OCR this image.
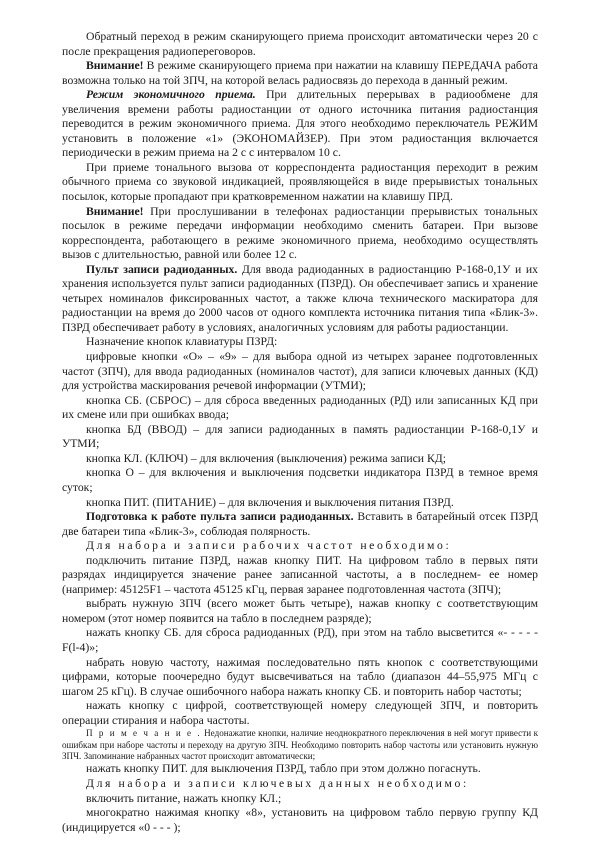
Обратный переход в режим сканирующего приема происходит автоматически через 20 с после прекращения радиопереговоров.

Внимание! В режиме сканирующего приема при нажатии на клавишу ПЕРЕДАЧА работа возможна только на той ЗПЧ, на которой велась радиосвязь до перехода в данный режим.

Режим экономичного приема. При длительных перерывах в радиообмене для увеличения времени работы радиостанции от одного источника питания радиостанция переводится в режим экономичного приема. Для этого необходимо переключатель РЕЖИМ установить в положение «1» (ЭКОНОМАЙЗЕР). При этом радиостанция включается периодически в режим приема на 2 с с интервалом 10 с.

При приеме тонального вызова от корреспондента радиостанция переходит в режим обычного приема со звуковой индикацией, проявляющейся в виде прерывистых тональных посылок, которые пропадают при кратковременном нажатии на клавишу ПРД.

Внимание! При прослушивании в телефонах радиостанции прерывистых тональных посылок в режиме передачи информации необходимо сменить батареи. При вызове корреспондента, работающего в режиме экономичного приема, необходимо осуществлять вызов с длительностью, равной или более 12 с.

Пульт записи радиоданных. Для ввода радиоданных в радиостанцию Р-168-0,1У и их хранения используется пульт записи радиоданных (ПЗРД). Он обеспечивает запись и хранение четырех номиналов фиксированных частот, а также ключа технического маскиратора для радиостанции на время до 2000 часов от одного комплекта источника питания типа «Блик-3». ПЗРД обеспечивает работу в условиях, аналогичных условиям для работы радиостанции.

Назначение кнопок клавиатуры ПЗРД:

цифровые кнопки «О» – «9» – для выбора одной из четырех заранее подготовленных частот (ЗПЧ), для ввода радиоданных (номиналов частот), для записи ключевых данных (КД) для устройства маскирования речевой информации (УТМИ);

кнопка СБ. (СБРОС) – для сброса введенных радиоданных (РД) или записанных КД при их смене или при ошибках ввода;

кнопка БД (ВВОД) – для записи радиоданных в память радиостанции Р-168-0,1У и УТМИ;

кнопка КЛ. (КЛЮЧ) – для включения (выключения) режима записи КД;

кнопка О – для включения и выключения подсветки индикатора ПЗРД в темное время суток;

кнопка ПИТ. (ПИТАНИЕ) – для включения и выключения питания ПЗРД.

Подготовка к работе пульта записи радиоданных. Вставить в батарейный отсек ПЗРД две батареи типа «Блик-3», соблюдая полярность.

Для набора и записи рабочих частот необходимо:

подключить питание ПЗРД, нажав кнопку ПИТ. На цифровом табло в первых пяти разрядах индицируется значение ранее записанной частоты, а в последнем- ее номер (например: 45125F1 – частота 45125 кГц, первая заранее подготовленная частота (ЗПЧ);

выбрать нужную ЗПЧ (всего может быть четыре), нажав кнопку с соответствующим номером (этот номер появится на табло в последнем разряде);

нажать кнопку СБ. для сброса радиоданных (РД), при этом на табло высветится «- - - - - F(l-4)»;

набрать новую частоту, нажимая последовательно пять кнопок с соответствующими цифрами, которые поочередно будут высвечиваться на табло (диапазон 44–55,975 МГц с шагом 25 кГц). В случае ошибочного набора нажать кнопку СБ. и повторить набор частоты;

нажать кнопку с цифрой, соответствующей номеру следующей ЗПЧ, и повторить операции стирания и набора частоты.

П р и м е ч а н и е . Недонажатие кнопки, наличие неоднократного переключения в ней могут привести к ошибкам при наборе частоты и переходу на другую ЗПЧ. Необходимо повторить набор частоты или установить нужную ЗПЧ. Запоминание набранных частот происходит автоматически;

нажать кнопку ПИТ. для выключения ПЗРД, табло при этом должно погаснуть.

Для набора и записи ключевых данных необходимо:

включить питание, нажать кнопку КЛ.;

многократно нажимая кнопку «8», установить на цифровом табло первую группу КД (индицируется «0 - - - );
